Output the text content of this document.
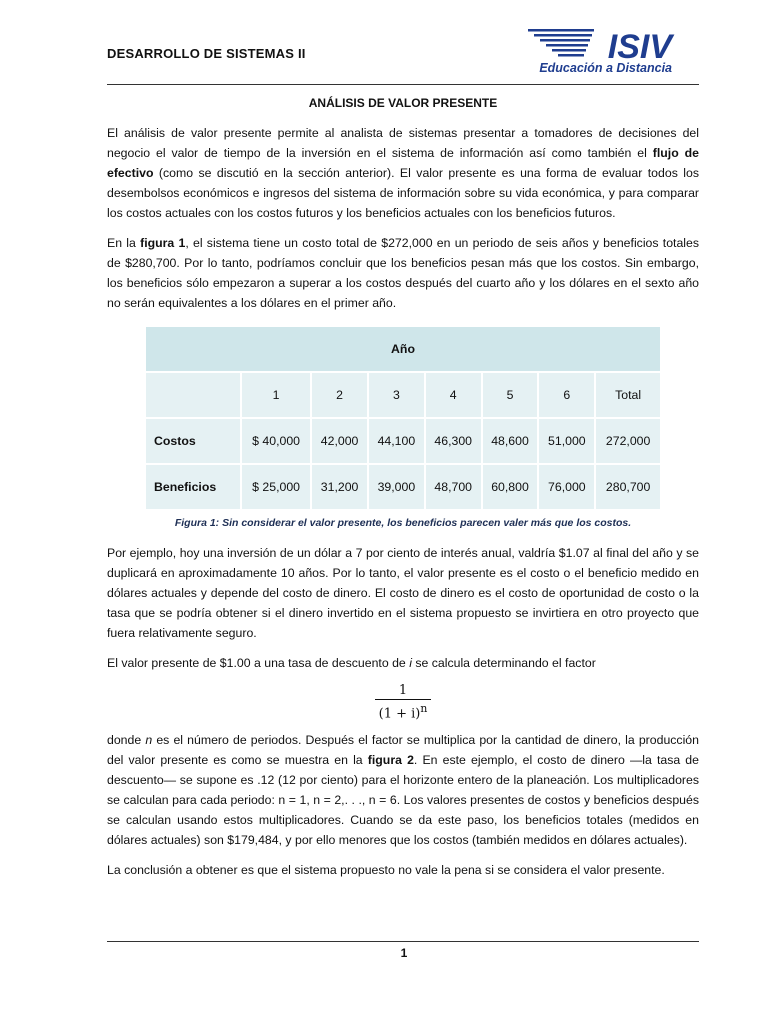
DESARROLLO DE SISTEMAS II	ISIV
Educación a Distancia
ANÁLISIS DE VALOR PRESENTE

El análisis de valor presente permite al analista de sistemas presentar a tomadores de decisiones del negocio el valor de tiempo de la inversión en el sistema de información así como también el flujo de efectivo (como se discutió en la sección anterior). El valor presente es una forma de evaluar todos los desembolsos económicos e ingresos del sistema de información sobre su vida económica, y para comparar los costos actuales con los costos futuros y los beneficios actuales con los beneficios futuros.

En la figura 1, el sistema tiene un costo total de $272,000 en un periodo de seis años y beneficios totales de $280,700. Por lo tanto, podríamos concluir que los beneficios pesan más que los costos. Sin embargo, los beneficios sólo empezaron a superar a los costos después del cuarto año y los dólares en el sexto año no serán equivalentes a los dólares en el primer año.

Año							
	1	2	3	4	5	6	Total
Costos	$ 40,000	42,000	44,100	46,300	48,600	51,000	272,000
Beneficios	$ 25,000	31,200	39,000	48,700	60,800	76,000	280,700
Figura 1: Sin considerar el valor presente, los beneficios parecen valer más que los costos.

Por ejemplo, hoy una inversión de un dólar a 7 por ciento de interés anual, valdría $1.07 al final del año y se duplicará en aproximadamente 10 años. Por lo tanto, el valor presente es el costo o el beneficio medido en dólares actuales y depende del costo de dinero. El costo de dinero es el costo de oportunidad de costo o la tasa que se podría obtener si el dinero invertido en el sistema propuesto se invirtiera en otro proyecto que fuera relativamente seguro.

El valor presente de $1.00 a una tasa de descuento de i se calcula determinando el factor

$\frac{1}{(1 + i)^n}$

donde n es el número de periodos. Después el factor se multiplica por la cantidad de dinero, la producción del valor presente es como se muestra en la figura 2. En este ejemplo, el costo de dinero —la tasa de descuento— se supone es .12 (12 por ciento) para el horizonte entero de la planeación. Los multiplicadores se calculan para cada periodo: n = 1, n = 2,. . ., n = 6. Los valores presentes de costos y beneficios después se calculan usando estos multiplicadores. Cuando se da este paso, los beneficios totales (medidos en dólares actuales) son $179,484, y por ello menores que los costos (también medidos en dólares actuales).

La conclusión a obtener es que el sistema propuesto no vale la pena si se considera el valor presente.

1
